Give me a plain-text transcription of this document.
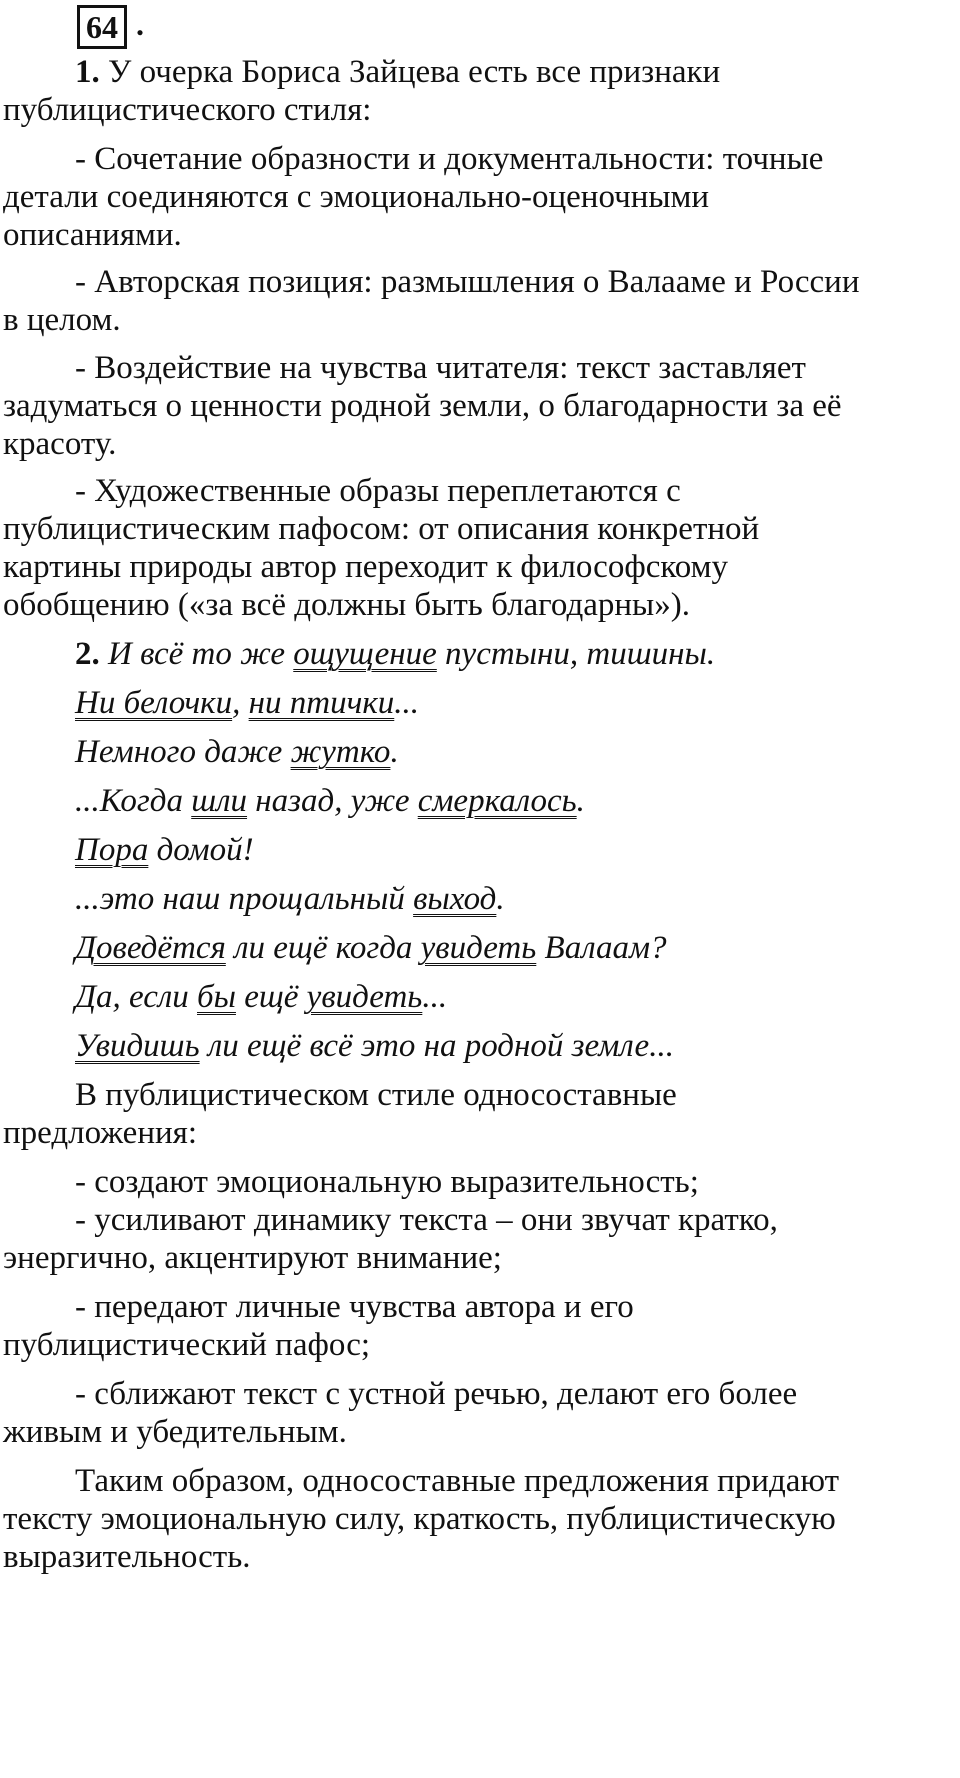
64 .
1. У очерка Бориса Зайцева есть все признаки
публицистического стиля:
- Сочетание образности и документальности: точные
детали соединяются с эмоционально-оценочными
описаниями.
- Авторская позиция: размышления о Валааме и России
в целом.
- Воздействие на чувства читателя: текст заставляет
задуматься о ценности родной земли, о благодарности за её
красоту.
- Художественные образы переплетаются с
публицистическим пафосом: от описания конкретной
картины природы автор переходит к философскому
обобщению («за всё должны быть благодарны»).
2. И всё то же ощущение пустыни, тишины.
Ни белочки, ни птички...
Немного даже жутко.
...Когда шли назад, уже смеркалось.
Пора домой!
...это наш прощальный выход.
Доведётся ли ещё когда увидеть Валаам?
Да, если бы ещё увидеть...
Увидишь ли ещё всё это на родной земле...
В публицистическом стиле односоставные
предложения:
- создают эмоциональную выразительность;
- усиливают динамику текста – они звучат кратко,
энергично, акцентируют внимание;
- передают личные чувства автора и его
публицистический пафос;
- сближают текст с устной речью, делают его более
живым и убедительным.
Таким образом, односоставные предложения придают
тексту эмоциональную силу, краткость, публицистическую
выразительность.
